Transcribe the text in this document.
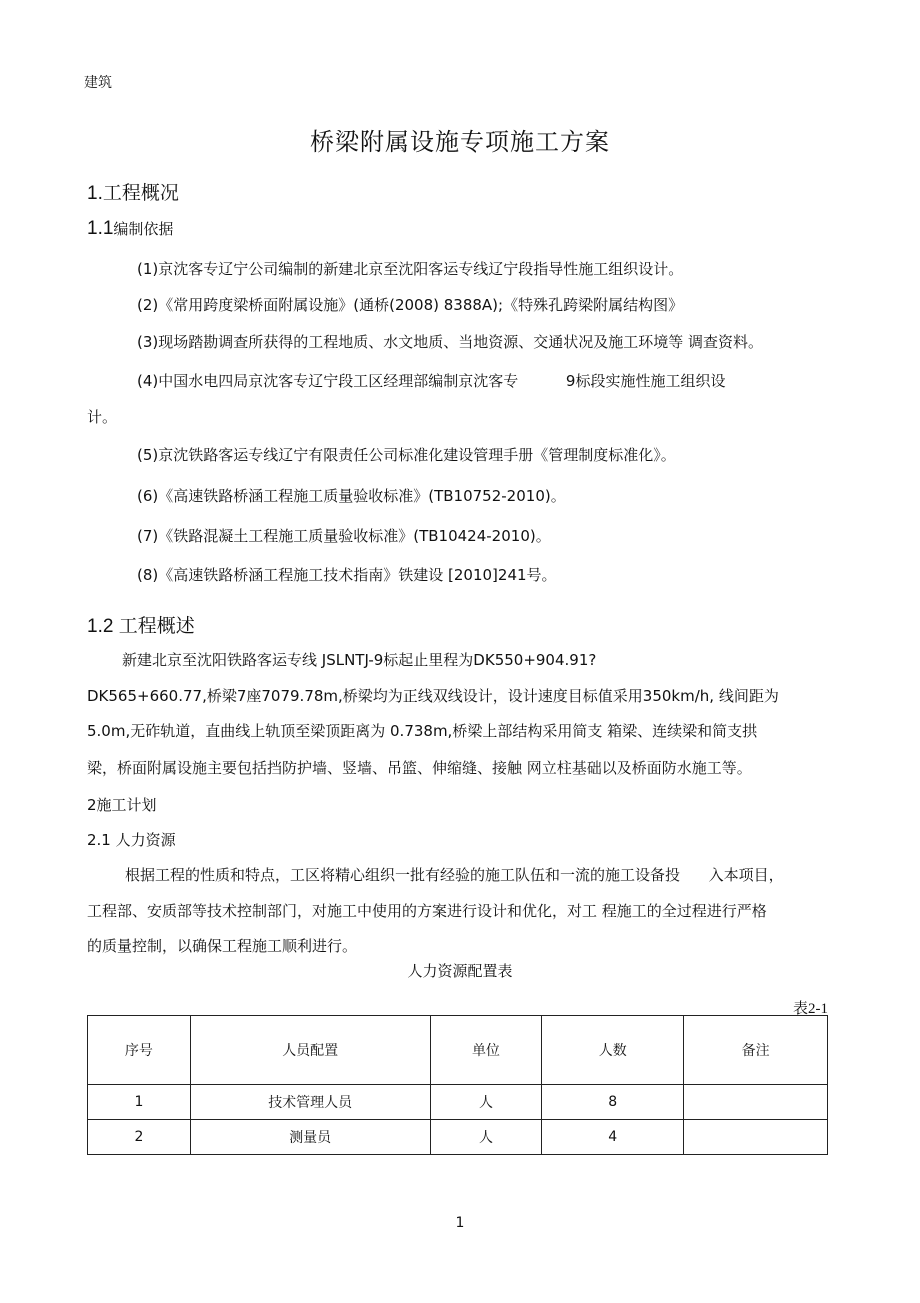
建筑
桥梁附属设施专项施工方案
1.工程概况
1.1编制依据
(1)京沈客专辽宁公司编制的新建北京至沈阳客运专线辽宁段指导性施工组织设计。
(2)《常用跨度梁桥面附属设施》(通桥(2008) 8388A);《特殊孔跨梁附属结构图》
(3)现场踏勘调查所获得的工程地质、水文地质、当地资源、交通状况及施工环境等 调查资料。
(4)中国水电四局京沈客专辽宁段工区经理部编制京沈客专          9标段实施性施工组织设
计。
(5)京沈铁路客运专线辽宁有限责任公司标准化建设管理手册《管理制度标准化》。
(6)《高速铁路桥涵工程施工质量验收标准》(TB10752-2010)。
(7)《铁路混凝土工程施工质量验收标准》(TB10424-2010)。
(8)《高速铁路桥涵工程施工技术指南》铁建设 [2010]241号。
1.2 工程概述
新建北京至沈阳铁路客运专线 JSLNTJ-9标起止里程为DK550+904.91?
DK565+660.77,桥梁7座7079.78m,桥梁均为正线双线设计，设计速度目标值采用350km/h, 线间距为
5.0m,无砟轨道，直曲线上轨顶至梁顶距离为 0.738m,桥梁上部结构采用简支 箱梁、连续梁和简支拱
梁，桥面附属设施主要包括挡防护墙、竖墙、吊篮、伸缩缝、接触 网立柱基础以及桥面防水施工等。
2施工计划
2.1 人力资源
根据工程的性质和特点，工区将精心组织一批有经验的施工队伍和一流的施工设备投      入本项目，
工程部、安质部等技术控制部门，对施工中使用的方案进行设计和优化，对工 程施工的全过程进行严格
的质量控制，以确保工程施工顺利进行。
人力资源配置表
表2-1
序号	人员配置	单位	人数	备注
1	技术管理人员	人	8	
2	测量员	人	4	
1
